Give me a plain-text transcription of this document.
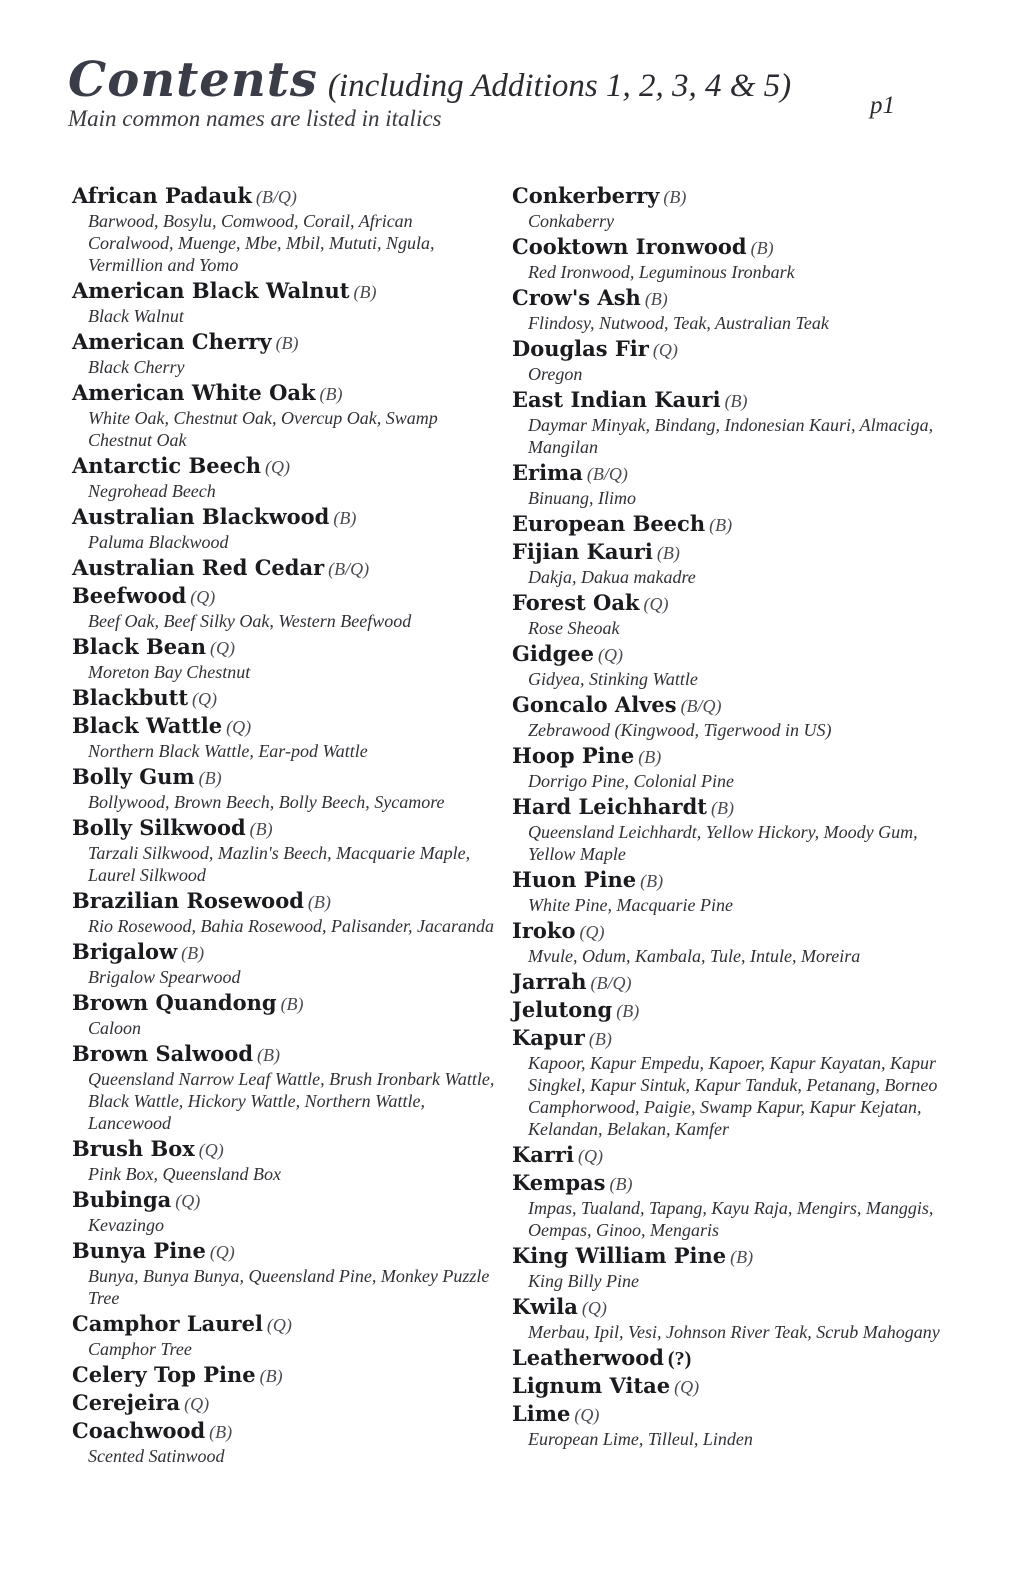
Contents (including Additions 1, 2, 3, 4 & 5)
Main common names are listed in italics	p1
African Padauk (B/Q)
Barwood, Bosylu, Comwood, Corail, African Coralwood, Muenge, Mbe, Mbil, Mututi, Ngula, Vermillion and Yomo
American Black Walnut (B)
Black Walnut
American Cherry (B)
Black Cherry
American White Oak (B)
White Oak, Chestnut Oak, Overcup Oak, Swamp Chestnut Oak
Antarctic Beech (Q)
Negrohead Beech
Australian Blackwood (B)
Paluma Blackwood
Australian Red Cedar (B/Q)
Beefwood (Q)
Beef Oak, Beef Silky Oak, Western Beefwood
Black Bean (Q)
Moreton Bay Chestnut
Blackbutt (Q)
Black Wattle (Q)
Northern Black Wattle, Ear-pod Wattle
Bolly Gum (B)
Bollywood, Brown Beech, Bolly Beech, Sycamore
Bolly Silkwood (B)
Tarzali Silkwood, Mazlin's Beech, Macquarie Maple, Laurel Silkwood
Brazilian Rosewood (B)
Rio Rosewood, Bahia Rosewood, Palisander, Jacaranda
Brigalow (B)
Brigalow Spearwood
Brown Quandong (B)
Caloon
Brown Salwood (B)
Queensland Narrow Leaf Wattle, Brush Ironbark Wattle, Black Wattle, Hickory Wattle, Northern Wattle, Lancewood
Brush Box (Q)
Pink Box, Queensland Box
Bubinga (Q)
Kevazingo
Bunya Pine (Q)
Bunya, Bunya Bunya, Queensland Pine, Monkey Puzzle Tree
Camphor Laurel (Q)
Camphor Tree
Celery Top Pine (B)
Cerejeira (Q)
Coachwood (B)
Scented Satinwood
Conkerberry (B)
Conkaberry
Cooktown Ironwood (B)
Red Ironwood, Leguminous Ironbark
Crow's Ash (B)
Flindosy, Nutwood, Teak, Australian Teak
Douglas Fir (Q)
Oregon
East Indian Kauri (B)
Daymar Minyak, Bindang, Indonesian Kauri, Almaciga, Mangilan
Erima (B/Q)
Binuang, Ilimo
European Beech (B)
Fijian Kauri (B)
Dakja, Dakua makadre
Forest Oak (Q)
Rose Sheoak
Gidgee (Q)
Gidyea, Stinking Wattle
Goncalo Alves (B/Q)
Zebrawood (Kingwood, Tigerwood in US)
Hoop Pine (B)
Dorrigo Pine, Colonial Pine
Hard Leichhardt (B)
Queensland Leichhardt, Yellow Hickory, Moody Gum, Yellow Maple
Huon Pine (B)
White Pine, Macquarie Pine
Iroko (Q)
Mvule, Odum, Kambala, Tule, Intule, Moreira
Jarrah (B/Q)
Jelutong (B)
Kapur (B)
Kapoor, Kapur Empedu, Kapoer, Kapur Kayatan, Kapur Singkel, Kapur Sintuk, Kapur Tanduk, Petanang, Borneo Camphorwood, Paigie, Swamp Kapur, Kapur Kejatan, Kelandan, Belakan, Kamfer
Karri (Q)
Kempas (B)
Impas, Tualand, Tapang, Kayu Raja, Mengirs, Manggis, Oempas, Ginoo, Mengaris
King William Pine (B)
King Billy Pine
Kwila (Q)
Merbau, Ipil, Vesi, Johnson River Teak, Scrub Mahogany
Leatherwood (?)
Lignum Vitae (Q)
Lime (Q)
European Lime, Tilleul, Linden
